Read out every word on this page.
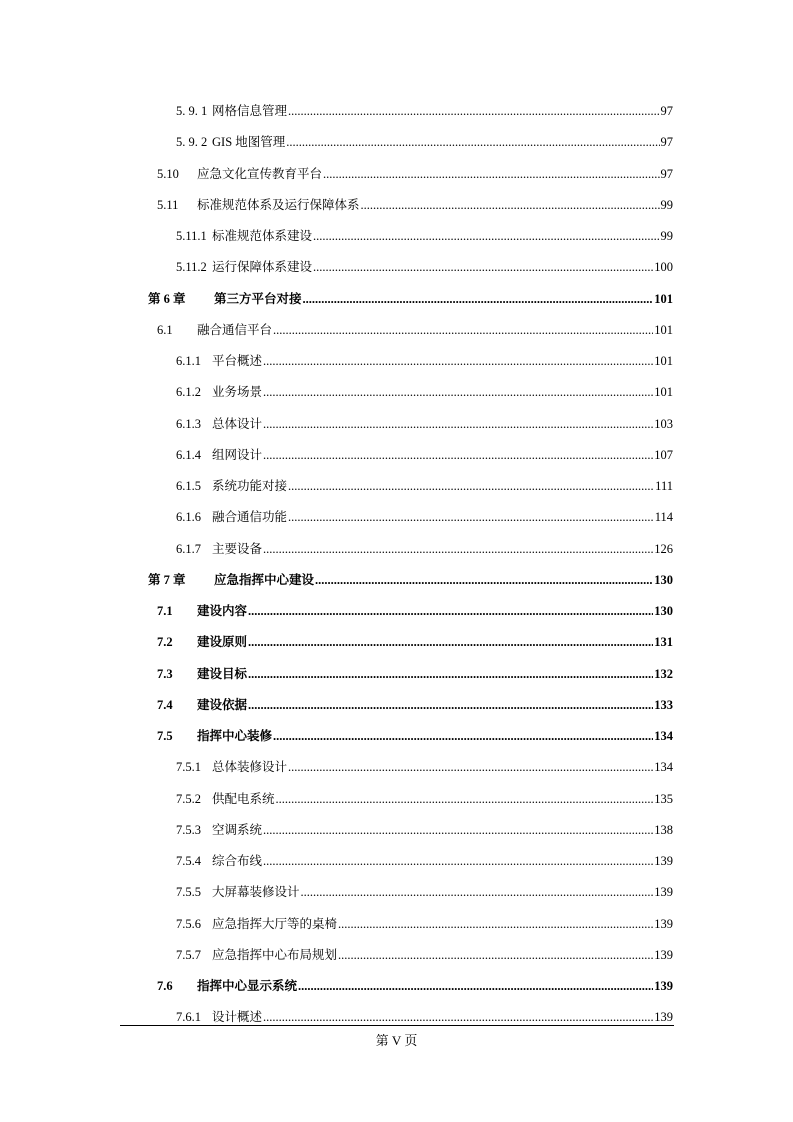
5. 9. 1 网格信息管理 .....	97
5. 9. 2 GIS 地图管理 .....	97
5.10	应急文化宣传教育平台 .....	97
5.11	标准规范体系及运行保障体系 .....	99
5.11.1 标准规范体系建设 .....	99
5.11.2 运行保障体系建设 .....	100
第 6 章	第三方平台对接 .....	101
6.1	融合通信平台 .....	101
6.1.1 平台概述 .....	101
6.1.2 业务场景 .....	101
6.1.3 总体设计 .....	103
6.1.4 组网设计 .....	107
6.1.5 系统功能对接 .....	111
6.1.6 融合通信功能 .....	114
6.1.7 主要设备 .....	126
第 7 章	应急指挥中心建设 .....	130
7.1	建设内容 .....	130
7.2	建设原则 .....	131
7.3	建设目标 .....	132
7.4	建设依据 .....	133
7.5	指挥中心装修 .....	134
7.5.1 总体装修设计 .....	134
7.5.2 供配电系统 .....	135
7.5.3 空调系统 .....	138
7.5.4 综合布线 .....	139
7.5.5 大屏幕装修设计 .....	139
7.5.6 应急指挥大厅等的桌椅 .....	139
7.5.7 应急指挥中心布局规划 .....	139
7.6	指挥中心显示系统 .....	139
7.6.1 设计概述 .....	139
第 V 页
